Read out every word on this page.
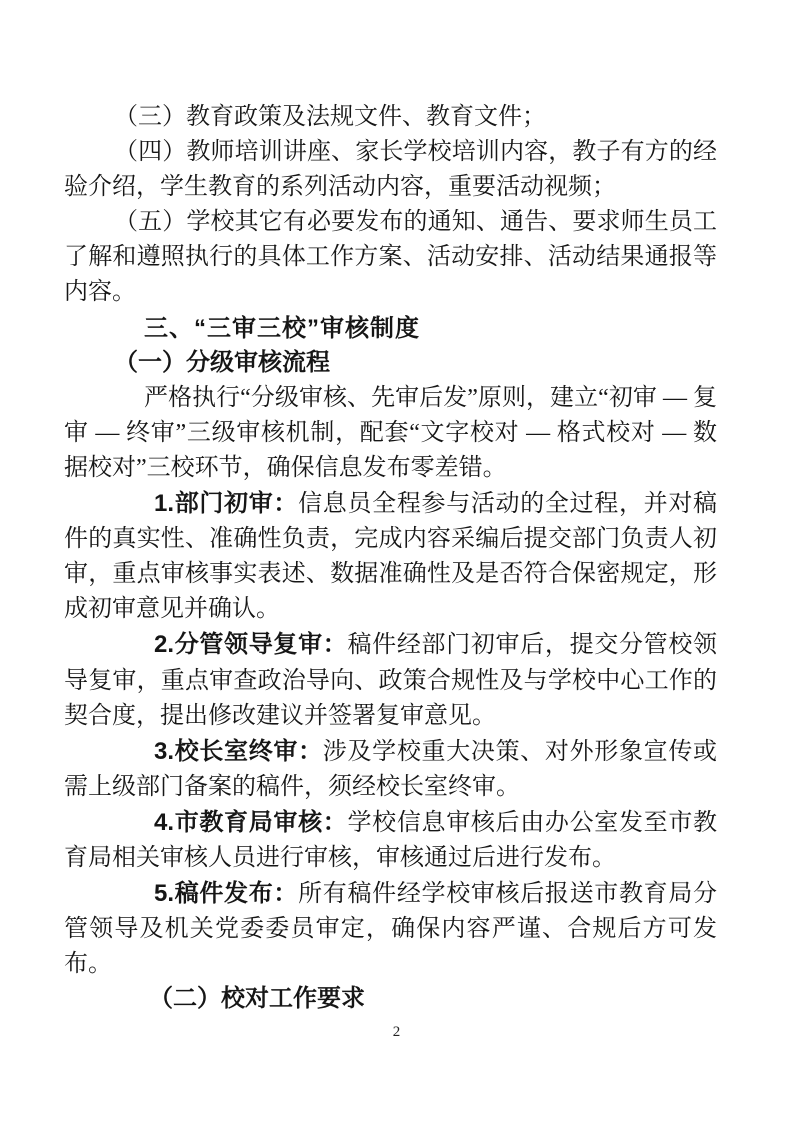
（三）教育政策及法规文件、教育文件；

（四）教师培训讲座、家长学校培训内容，教子有方的经验介绍，学生教育的系列活动内容，重要活动视频；

（五）学校其它有必要发布的通知、通告、要求师生员工了解和遵照执行的具体工作方案、活动安排、活动结果通报等内容。

三、“三审三校”审核制度

（一）分级审核流程

严格执行“分级审核、先审后发”原则，建立“初审 — 复审 — 终审”三级审核机制，配套“文字校对 — 格式校对 — 数据校对”三校环节，确保信息发布零差错。

1.部门初审：信息员全程参与活动的全过程，并对稿件的真实性、准确性负责，完成内容采编后提交部门负责人初审，重点审核事实表述、数据准确性及是否符合保密规定，形成初审意见并确认。

2.分管领导复审：稿件经部门初审后，提交分管校领导复审，重点审查政治导向、政策合规性及与学校中心工作的契合度，提出修改建议并签署复审意见。

3.校长室终审：涉及学校重大决策、对外形象宣传或需上级部门备案的稿件，须经校长室终审。

4.市教育局审核：学校信息审核后由办公室发至市教育局相关审核人员进行审核，审核通过后进行发布。

5.稿件发布：所有稿件经学校审核后报送市教育局分管领导及机关党委委员审定，确保内容严谨、合规后方可发布。

（二）校对工作要求

2
